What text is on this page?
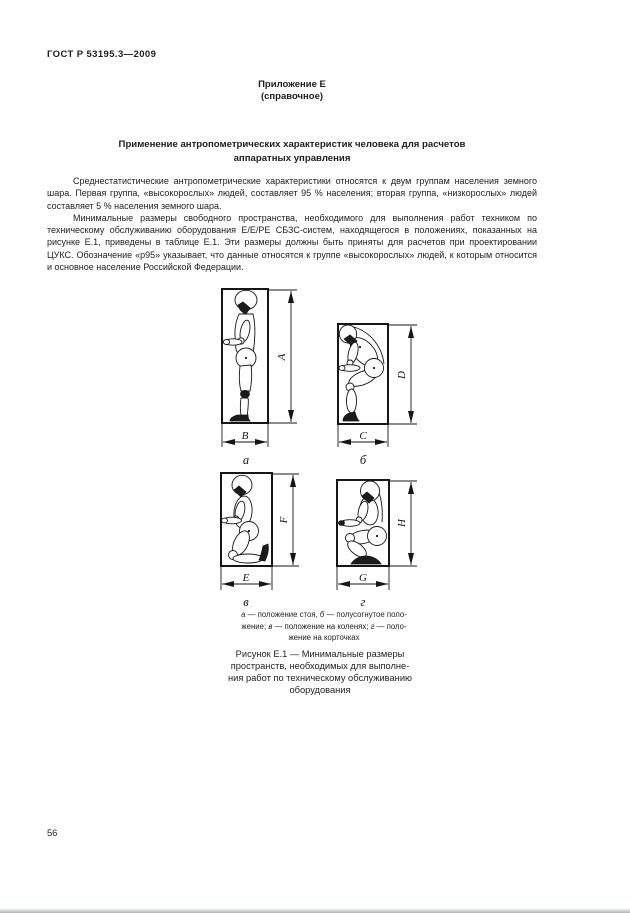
ГОСТ Р 53195.3—2009
Приложение Е
(справочное)
Применение антропометрических характеристик человека для расчетов
аппаратных управления

Среднестатистические антропометрические характеристики относятся к двум группам населения земного шара. Первая группа, «высокорослых» людей, составляет 95 % населения; вторая группа, «низкорослых» людей составляет 5 % населения земного шара.

Минимальные размеры свободного пространства, необходимого для выполнения работ техником по техническому обслуживанию оборудования Е/Е/РЕ СБЗС-систем, находящегося в положениях, показанных на рисунке Е.1, приведены в таблице Е.1. Эти размеры должны быть приняты для расчетов при проектировании ЦУКС. Обозначение «р95» указывает, что данные относятся к группе «высокорослых» людей, к которым относится и основное население Российской Федерации.

A
B
а
D
C
б
F
E
в
H
G
г
а — положение стоя, б — полусогнутое поло-
жение; в — положение на коленях; г — поло-
жение на корточках
Рисунок Е.1 — Минимальные размеры
пространств, необходимых для выполне-
ния работ по техническому обслуживанию
оборудования
56
